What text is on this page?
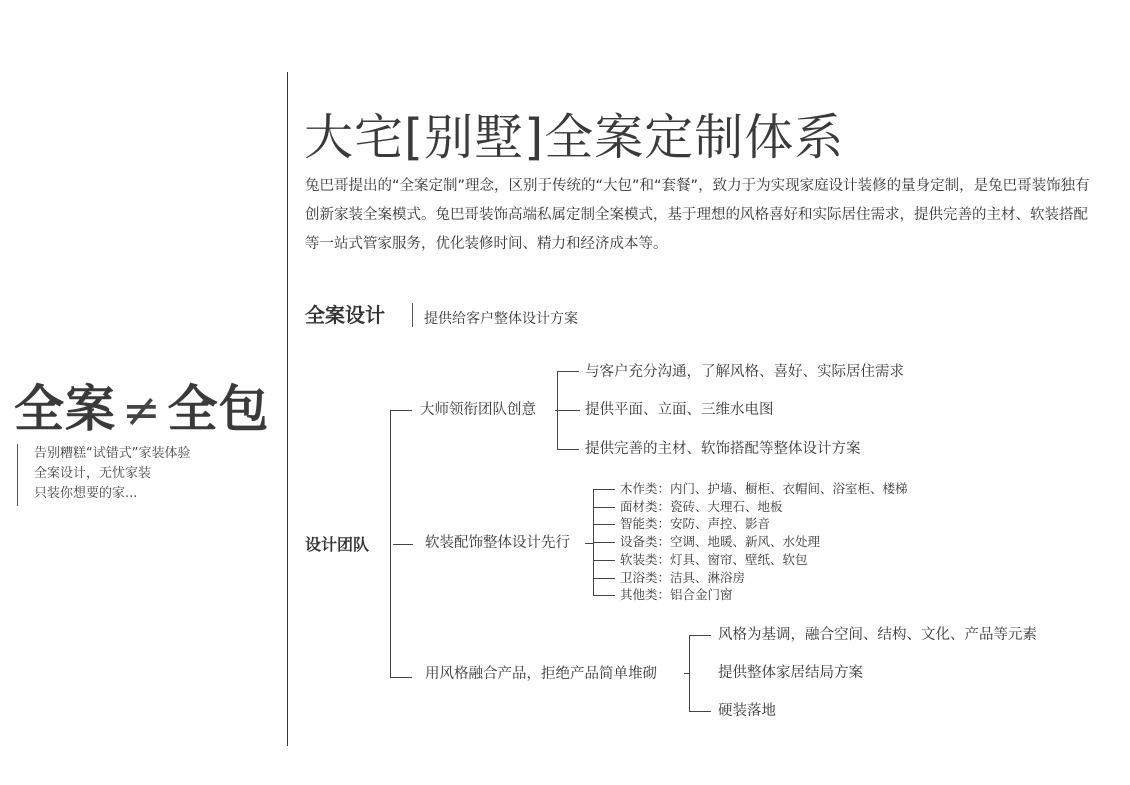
全案 ≠ 全包
告别糟糕“试错式”家装体验
全案设计，无忧家装
只装你想要的家...
大宅[别墅]全案定制体系
兔巴哥提出的“全案定制”理念，区别于传统的“大包”和“套餐”，致力于为实现家庭设计装修的量身定制，是兔巴哥装饰独有创新家装全案模式。兔巴哥装饰高端私属定制全案模式，基于理想的风格喜好和实际居住需求，提供完善的主材、软装搭配等一站式管家服务，优化装修时间、精力和经济成本等。
全案设计	提供给客户整体设计方案
设计团队
大师领衔团队创意
与客户充分沟通，了解风格、喜好、实际居住需求
提供平面、立面、三维水电图
提供完善的主材、软饰搭配等整体设计方案
软装配饰整体设计先行
木作类：内门、护墙、橱柜、衣帽间、浴室柜、楼梯
面材类：瓷砖、大理石、地板
智能类：安防、声控、影音
设备类：空调、地暖、新风、水处理
软装类：灯具、窗帘、壁纸、软包
卫浴类：洁具、淋浴房
其他类：铝合金门窗
用风格融合产品，拒绝产品简单堆砌
风格为基调，融合空间、结构、文化、产品等元素
提供整体家居结局方案
硬装落地
